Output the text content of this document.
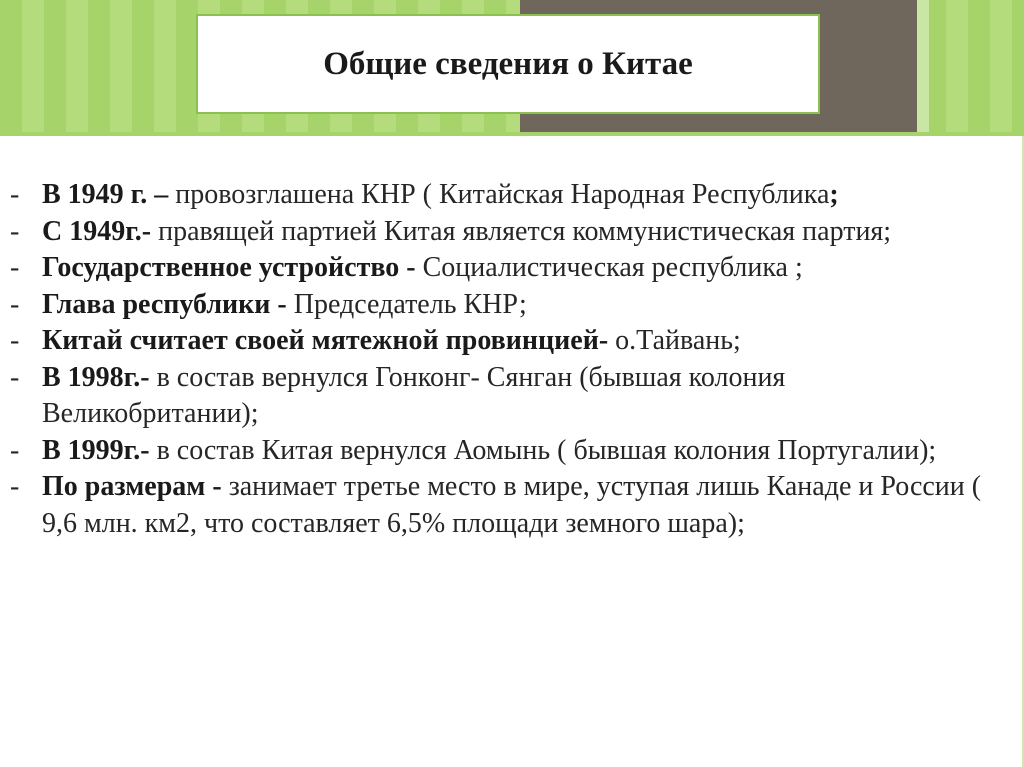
Общие сведения о Китае
- В 1949 г. – провозглашена КНР ( Китайская Народная Республика;
- С 1949г.- правящей партией Китая является коммунистическая партия;
- Государственное устройство - Социалистическая республика ;
- Глава республики - Председатель КНР;
- Китай считает своей мятежной провинцией- о.Тайвань;
- В 1998г.- в состав вернулся Гонконг- Сянган (бывшая колония Великобритании);
- В 1999г.- в состав Китая вернулся Аомынь ( бывшая колония Португалии);
- По размерам - занимает третье место в мире, уступая лишь Канаде и России ( 9,6 млн. км2, что составляет 6,5% площади земного шара);
